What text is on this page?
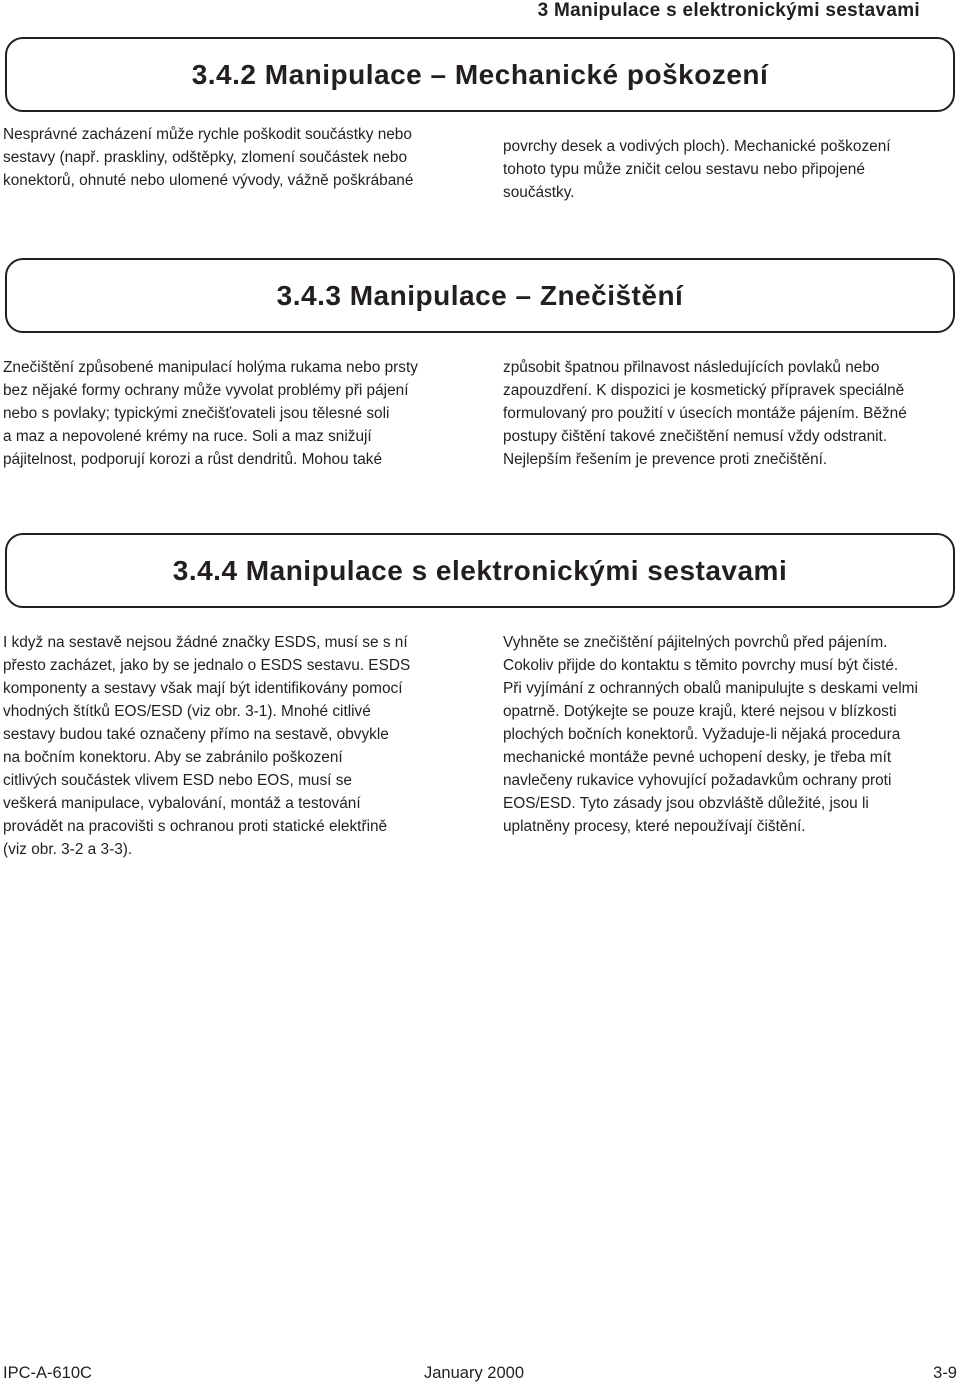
3 Manipulace s elektronickými sestavami
3.4.2 Manipulace – Mechanické poškození

Nesprávné zacházení může rychle poškodit součástky nebo
sestavy (např. praskliny, odštěpky, zlomení součástek nebo
konektorů, ohnuté nebo ulomené vývody, vážně poškrábané

povrchy desek a vodivých ploch). Mechanické poškození
tohoto typu může zničit celou sestavu nebo připojené
součástky.

3.4.3 Manipulace – Znečištění

Znečištění způsobené manipulací holýma rukama nebo prsty
bez nějaké formy ochrany může vyvolat problémy při pájení
nebo s povlaky; typickými znečišťovateli jsou tělesné soli
a maz a nepovolené krémy na ruce. Soli a maz snižují
pájitelnost, podporují korozi a růst dendritů. Mohou také

způsobit špatnou přilnavost následujících povlaků nebo
zapouzdření. K dispozici je kosmetický přípravek speciálně
formulovaný pro použití v úsecích montáže pájením. Běžné
postupy čištění takové znečištění nemusí vždy odstranit.
Nejlepším řešením je prevence proti znečištění.

3.4.4 Manipulace s elektronickými sestavami

I když na sestavě nejsou žádné značky ESDS, musí se s ní
přesto zacházet, jako by se jednalo o ESDS sestavu. ESDS
komponenty a sestavy však mají být identifikovány pomocí
vhodných štítků EOS/ESD (viz obr. 3-1). Mnohé citlivé
sestavy budou také označeny přímo na sestavě, obvykle
na bočním konektoru. Aby se zabránilo poškození
citlivých součástek vlivem ESD nebo EOS, musí se
veškerá manipulace, vybalování, montáž a testování
provádět na pracovišti s ochranou proti statické elektřině
(viz obr. 3-2 a 3-3).

Vyhněte se znečištění pájitelných povrchů před pájením.
Cokoliv přijde do kontaktu s těmito povrchy musí být čisté.
Při vyjímání z ochranných obalů manipulujte s deskami velmi
opatrně. Dotýkejte se pouze krajů, které nejsou v blízkosti
plochých bočních konektorů. Vyžaduje-li nějaká procedura
mechanické montáže pevné uchopení desky, je třeba mít
navlečeny rukavice vyhovující požadavkům ochrany proti
EOS/ESD. Tyto zásady jsou obzvláště důležité, jsou li
uplatněny procesy, které nepoužívají čištění.

IPC-A-610C	January 2000	3-9
